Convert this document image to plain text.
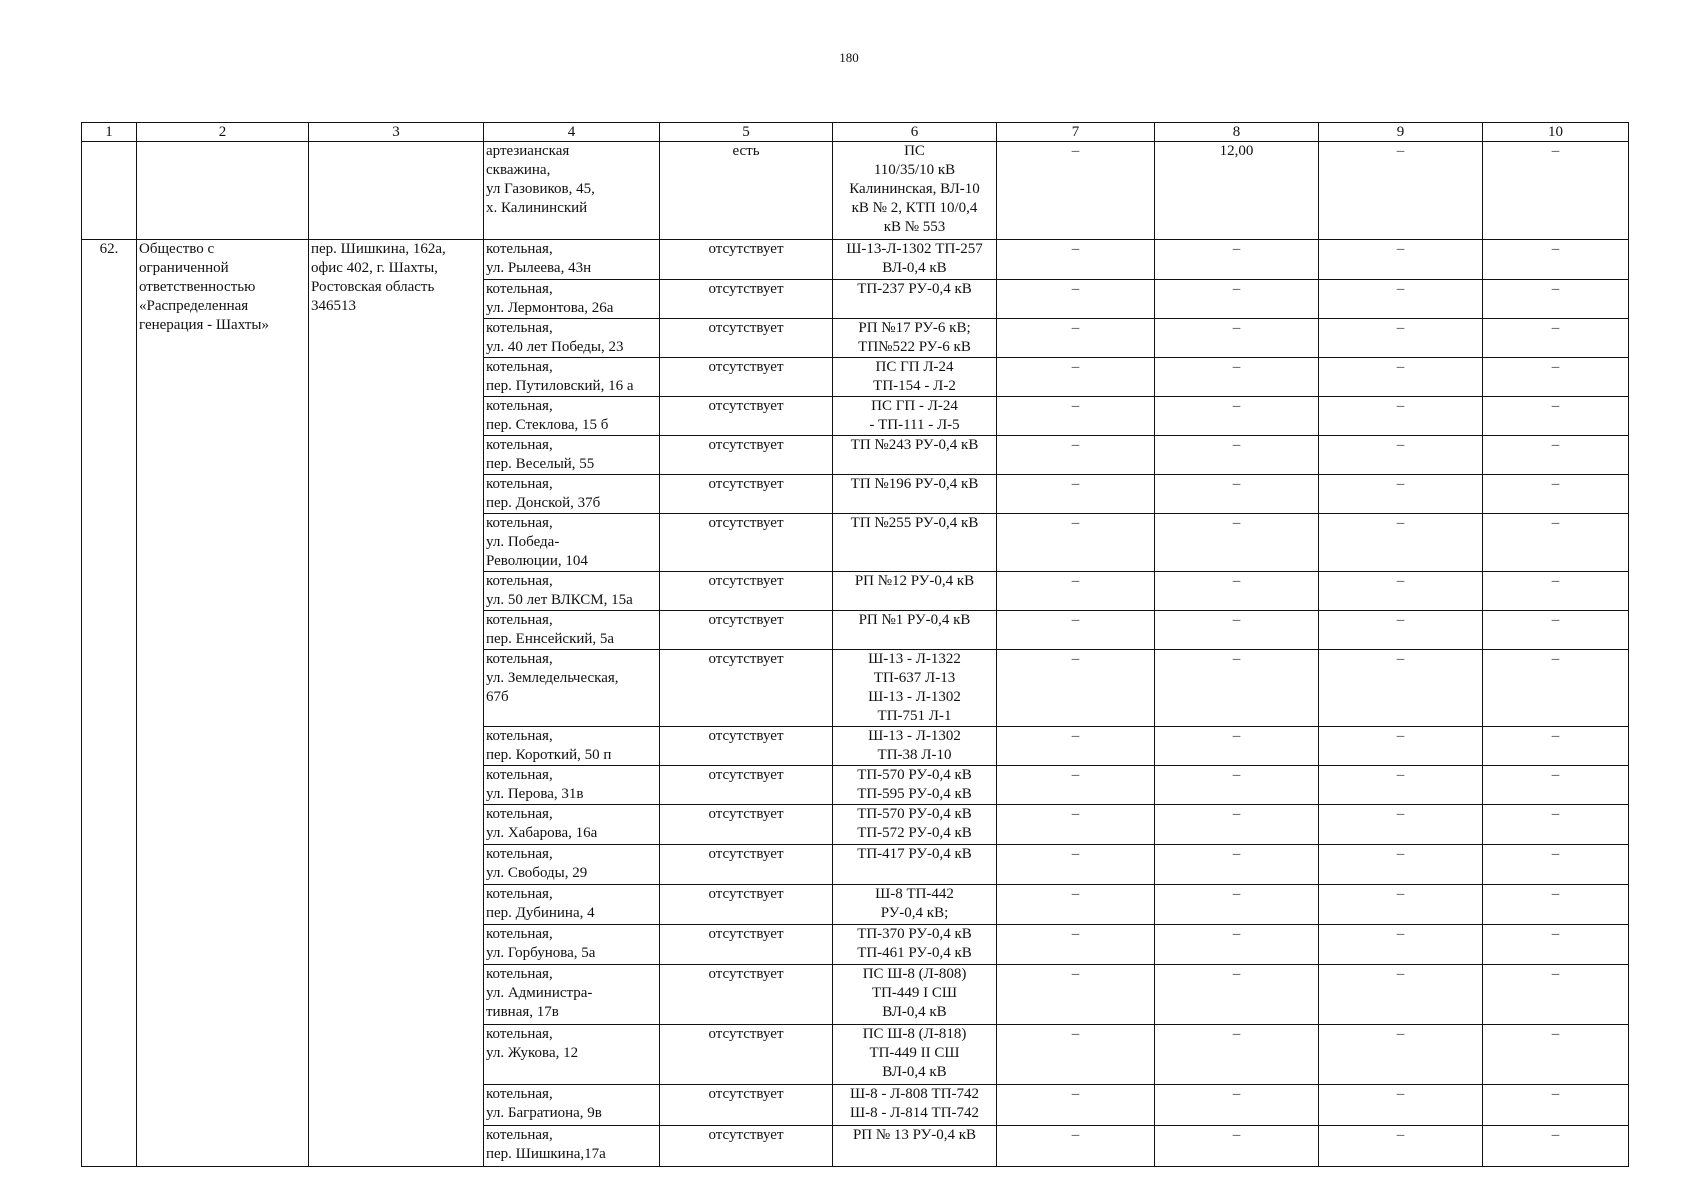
180
1	2	3	4	5	6	7	8	9	10
			артезианская
скважина,
ул Газовиков, 45,
х. Калининский	есть	ПС
110/35/10 кВ
Калининская, ВЛ-10
кВ № 2, КТП 10/0,4
кВ № 553	–	12,00	–	–
62.	Общество с
ограниченной
ответственностью
«Распределенная
генерация - Шахты»	пер. Шишкина, 162а,
офис 402, г. Шахты,
Ростовская область
346513	котельная,
ул. Рылеева, 43н	отсутствует	Ш-13-Л-1302 ТП-257
ВЛ-0,4 кВ	–	–	–	–
			котельная,
ул. Лермонтова, 26а	отсутствует	ТП-237 РУ-0,4 кВ	–	–	–	–
			котельная,
ул. 40 лет Победы, 23	отсутствует	РП №17 РУ-6 кВ;
ТП№522 РУ-6 кВ	–	–	–	–
			котельная,
пер. Путиловский, 16 а	отсутствует	ПС ГП Л-24
ТП-154 - Л-2	–	–	–	–
			котельная,
пер. Стеклова, 15 б	отсутствует	ПС ГП - Л-24
- ТП-111 - Л-5	–	–	–	–
			котельная,
пер. Веселый, 55	отсутствует	ТП №243 РУ-0,4 кВ	–	–	–	–
			котельная,
пер. Донской, 37б	отсутствует	ТП №196 РУ-0,4 кВ	–	–	–	–
			котельная,
ул. Победа-
Революции, 104	отсутствует	ТП №255 РУ-0,4 кВ	–	–	–	–
			котельная,
ул. 50 лет ВЛКСМ, 15а	отсутствует	РП №12 РУ-0,4 кВ	–	–	–	–
			котельная,
пер. Еннсейский, 5а	отсутствует	РП №1 РУ-0,4 кВ	–	–	–	–
			котельная,
ул. Земледельческая,
67б	отсутствует	Ш-13 - Л-1322
ТП-637 Л-13
Ш-13 - Л-1302
ТП-751 Л-1	–	–	–	–
			котельная,
пер. Короткий, 50 п	отсутствует	Ш-13 - Л-1302
ТП-38 Л-10	–	–	–	–
			котельная,
ул. Перова, 31в	отсутствует	ТП-570 РУ-0,4 кВ
ТП-595 РУ-0,4 кВ	–	–	–	–
			котельная,
ул. Хабарова, 16а	отсутствует	ТП-570 РУ-0,4 кВ
ТП-572 РУ-0,4 кВ	–	–	–	–
			котельная,
ул. Свободы, 29	отсутствует	ТП-417 РУ-0,4 кВ	–	–	–	–
			котельная,
пер. Дубинина, 4	отсутствует	Ш-8 ТП-442
РУ-0,4 кВ;	–	–	–	–
			котельная,
ул. Горбунова, 5а	отсутствует	ТП-370 РУ-0,4 кВ
ТП-461 РУ-0,4 кВ	–	–	–	–
			котельная,
ул. Администра-
тивная, 17в	отсутствует	ПС Ш-8 (Л-808)
ТП-449 I СШ
ВЛ-0,4 кВ	–	–	–	–
			котельная,
ул. Жукова, 12	отсутствует	ПС Ш-8 (Л-818)
ТП-449 II СШ
ВЛ-0,4 кВ	–	–	–	–
			котельная,
ул. Багратиона, 9в	отсутствует	Ш-8 - Л-808 ТП-742
Ш-8 - Л-814 ТП-742	–	–	–	–
			котельная,
пер. Шишкина,17а	отсутствует	РП № 13 РУ-0,4 кВ	–	–	–	–
